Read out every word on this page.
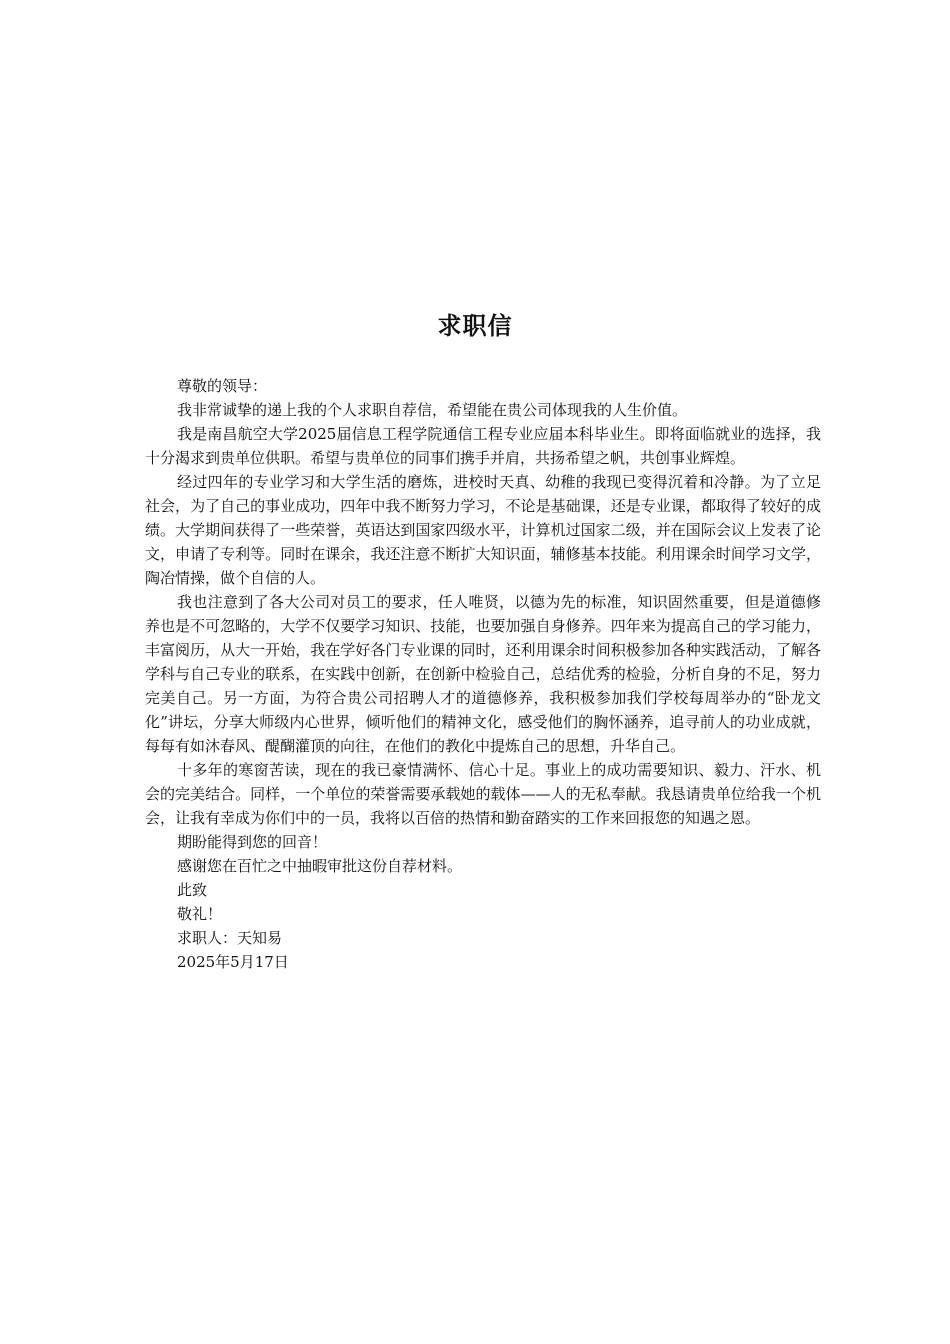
求职信

尊敬的领导：

我非常诚挚的递上我的个人求职自荐信，希望能在贵公司体现我的人生价值。

我是南昌航空大学2025届信息工程学院通信工程专业应届本科毕业生。即将面临就业的选择，我十分渴求到贵单位供职。希望与贵单位的同事们携手并肩，共扬希望之帆，共创事业辉煌。

经过四年的专业学习和大学生活的磨炼，进校时天真、幼稚的我现已变得沉着和冷静。为了立足社会，为了自己的事业成功，四年中我不断努力学习，不论是基础课，还是专业课，都取得了较好的成绩。大学期间获得了一些荣誉，英语达到国家四级水平，计算机过国家二级，并在国际会议上发表了论文，申请了专利等。同时在课余，我还注意不断扩大知识面，辅修基本技能。利用课余时间学习文学，陶冶情操，做个自信的人。

我也注意到了各大公司对员工的要求，任人唯贤，以德为先的标准，知识固然重要，但是道德修养也是不可忽略的，大学不仅要学习知识、技能，也要加强自身修养。四年来为提高自己的学习能力，丰富阅历，从大一开始，我在学好各门专业课的同时，还利用课余时间积极参加各种实践活动，了解各学科与自己专业的联系，在实践中创新，在创新中检验自己，总结优秀的检验，分析自身的不足，努力完美自己。另一方面，为符合贵公司招聘人才的道德修养，我积极参加我们学校每周举办的“卧龙文化”讲坛，分享大师级内心世界，倾听他们的精神文化，感受他们的胸怀涵养，追寻前人的功业成就，每每有如沐春风、醍醐灌顶的向往，在他们的教化中提炼自己的思想，升华自己。

十多年的寒窗苦读，现在的我已豪情满怀、信心十足。事业上的成功需要知识、毅力、汗水、机会的完美结合。同样，一个单位的荣誉需要承载她的载体——人的无私奉献。我恳请贵单位给我一个机会，让我有幸成为你们中的一员，我将以百倍的热情和勤奋踏实的工作来回报您的知遇之恩。

期盼能得到您的回音！

感谢您在百忙之中抽暇审批这份自荐材料。

此致

敬礼！

求职人：天知易

2025年5月17日
